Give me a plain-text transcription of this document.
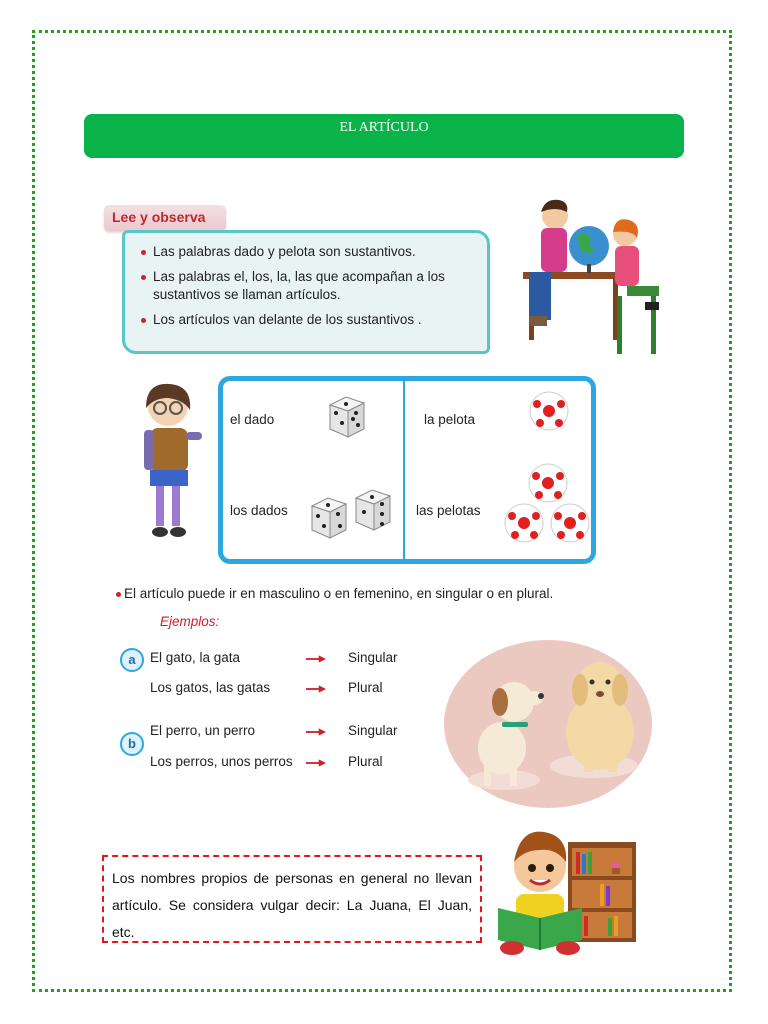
EL ARTÍCULO
Lee y observa
Las palabras dado y pelota son sustantivos.
Las palabras el, los, la, las que acompañan a los sustantivos se llaman artículos.
Los artículos van delante de los sustantivos .
el dado	la pelota
los dados	las pelotas
El artículo puede ir en masculino o en femenino, en singular o en plural.
Ejemplos:
a	El gato, la gata	Singular
Los gatos, las gatas	Plural
b
El perro, un perro	Singular
Los perros, unos perros	Plural
Los nombres propios de personas en general no llevan artículo. Se considera vulgar decir: La Juana, El Juan, etc.
